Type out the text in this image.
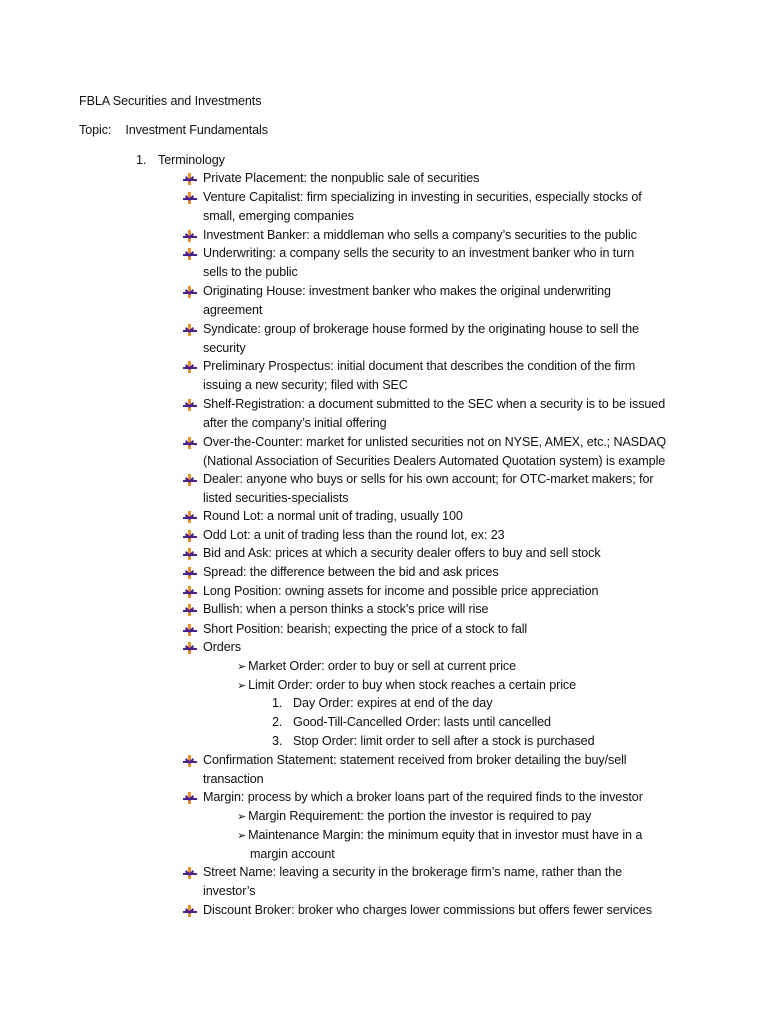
FBLA Securities and Investments
Topic: Investment Fundamentals
1. Terminology
Private Placement: the nonpublic sale of securities
Venture Capitalist: firm specializing in investing in securities, especially stocks of
small, emerging companies
Investment Banker: a middleman who sells a company’s securities to the public
Underwriting: a company sells the security to an investment banker who in turn
sells to the public
Originating House: investment banker who makes the original underwriting
agreement
Syndicate: group of brokerage house formed by the originating house to sell the
security
Preliminary Prospectus: initial document that describes the condition of the firm
issuing a new security; filed with SEC
Shelf-Registration: a document submitted to the SEC when a security is to be issued
after the company’s initial offering
Over-the-Counter: market for unlisted securities not on NYSE, AMEX, etc.; NASDAQ
(National Association of Securities Dealers Automated Quotation system) is example
Dealer: anyone who buys or sells for his own account; for OTC-market makers; for
listed securities-specialists
Round Lot: a normal unit of trading, usually 100
Odd Lot: a unit of trading less than the round lot, ex: 23
Bid and Ask: prices at which a security dealer offers to buy and sell stock
Spread: the difference between the bid and ask prices
Long Position: owning assets for income and possible price appreciation
Bullish: when a person thinks a stock’s price will rise
Short Position: bearish; expecting the price of a stock to fall
Orders
➢ Market Order: order to buy or sell at current price
➢ Limit Order: order to buy when stock reaches a certain price
1. Day Order: expires at end of the day
2. Good-Till-Cancelled Order: lasts until cancelled
3. Stop Order: limit order to sell after a stock is purchased
Confirmation Statement: statement received from broker detailing the buy/sell
transaction
Margin: process by which a broker loans part of the required finds to the investor
➢ Margin Requirement: the portion the investor is required to pay
➢ Maintenance Margin: the minimum equity that in investor must have in a
margin account
Street Name: leaving a security in the brokerage firm’s name, rather than the
investor’s
Discount Broker: broker who charges lower commissions but offers fewer services
